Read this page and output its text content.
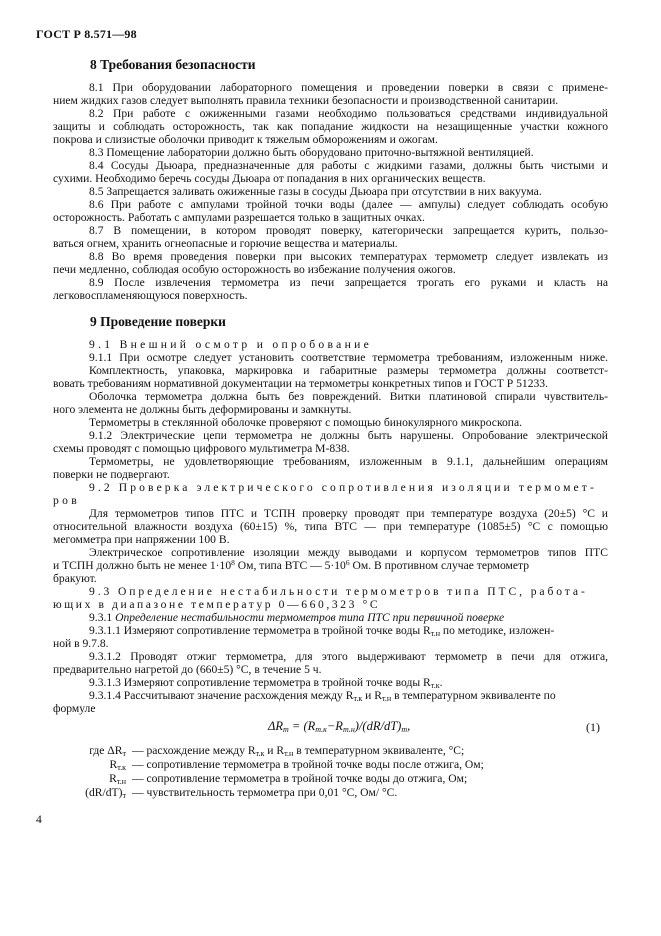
ГОСТ Р 8.571—98
8 Требования безопасности
8.1 При оборудовании лабораторного помещения и проведении поверки в связи с примене-
нием жидких газов следует выполнять правила техники безопасности и производственной санитарии.
8.2 При работе с ожиженными газами необходимо пользоваться средствами индивидуальной
защиты и соблюдать осторожность, так как попадание жидкости на незащищенные участки кожного
покрова и слизистые оболочки приводит к тяжелым обморожениям и ожогам.
8.3 Помещение лаборатории должно быть оборудовано приточно-вытяжной вентиляцией.
8.4 Сосуды Дьюара, предназначенные для работы с жидкими газами, должны быть чистыми и
сухими. Необходимо беречь сосуды Дьюара от попадания в них органических веществ.
8.5 Запрещается заливать ожиженные газы в сосуды Дьюара при отсутствии в них вакуума.
8.6 При работе с ампулами тройной точки воды (далее — ампулы) следует соблюдать особую
осторожность. Работать с ампулами разрешается только в защитных очках.
8.7 В помещении, в котором проводят поверку, категорически запрещается курить, пользо-
ваться огнем, хранить огнеопасные и горючие вещества и материалы.
8.8 Во время проведения поверки при высоких температурах термометр следует извлекать из
печи медленно, соблюдая особую осторожность во избежание получения ожогов.
8.9 После извлечения термометра из печи запрещается трогать его руками и класть на
легковоспламеняющуюся поверхность.
9 Проведение поверки
9.1 Внешний осмотр и опробование
9.1.1 При осмотре следует установить соответствие термометра требованиям, изложенным ниже.
Комплектность, упаковка, маркировка и габаритные размеры термометра должны соответст-
вовать требованиям нормативной документации на термометры конкретных типов и ГОСТ Р 51233.
Оболочка термометра должна быть без повреждений. Витки платиновой спирали чувствитель-
ного элемента не должны быть деформированы и замкнуты.
Термометры в стеклянной оболочке проверяют с помощью бинокулярного микроскопа.
9.1.2 Электрические цепи термометра не должны быть нарушены. Опробование электрической
схемы проводят с помощью цифрового мультиметра М-838.
Термометры, не удовлетворяющие требованиям, изложенным в 9.1.1, дальнейшим операциям
поверки не подвергают.
9.2 Проверка электрического сопротивления изоляции термомет-
ров
Для термометров типов ПТС и ТСПН проверку проводят при температуре воздуха (20±5) °С и
относительной влажности воздуха (60±15) %, типа ВТС — при температуре (1085±5) °С с помощью
мегомметра при напряжении 100 В.
Электрическое сопротивление изоляции между выводами и корпусом термометров типов ПТС
и ТСПН должно быть не менее $1\cdot 10^8$ Ом, типа ВТС — $5\cdot 10^6$ Ом. В противном случае термометр
бракуют.
9.3 Определение нестабильности термометров типа ПТС, работа-
ющих в диапазоне температур 0—660,323 °С
9.3.1 Определение нестабильности термометров типа ПТС при первичной поверке
9.3.1.1 Измеряют сопротивление термометра в тройной точке воды $R_{т.н}$ по методике, изложен-
ной в 9.7.8.
9.3.1.2 Проводят отжиг термометра, для этого выдерживают термометр в печи для отжига,
предварительно нагретой до (660±5) °С, в течение 5 ч.
9.3.1.3 Измеряют сопротивление термометра в тройной точке воды $R_{т.к}$.
9.3.1.4 Рассчитывают значение расхождения между $R_{т.к}$ и $R_{т.н}$ в температурном эквиваленте по
формуле
$\Delta R_т = (R_{т.к}-R_{т.н})/(dR/dT)_т$,	(1)
где $\Delta R_т$ — расхождение между $R_{т.к}$ и $R_{т.н}$ в температурном эквиваленте, °С;
$R_{т.к}$ — сопротивление термометра в тройной точке воды после отжига, Ом;
$R_{т.н}$ — сопротивление термометра в тройной точке воды до отжига, Ом;
$(dR/dT)_т$ — чувствительность термометра при 0,01 °С, Ом/ °С.
4
